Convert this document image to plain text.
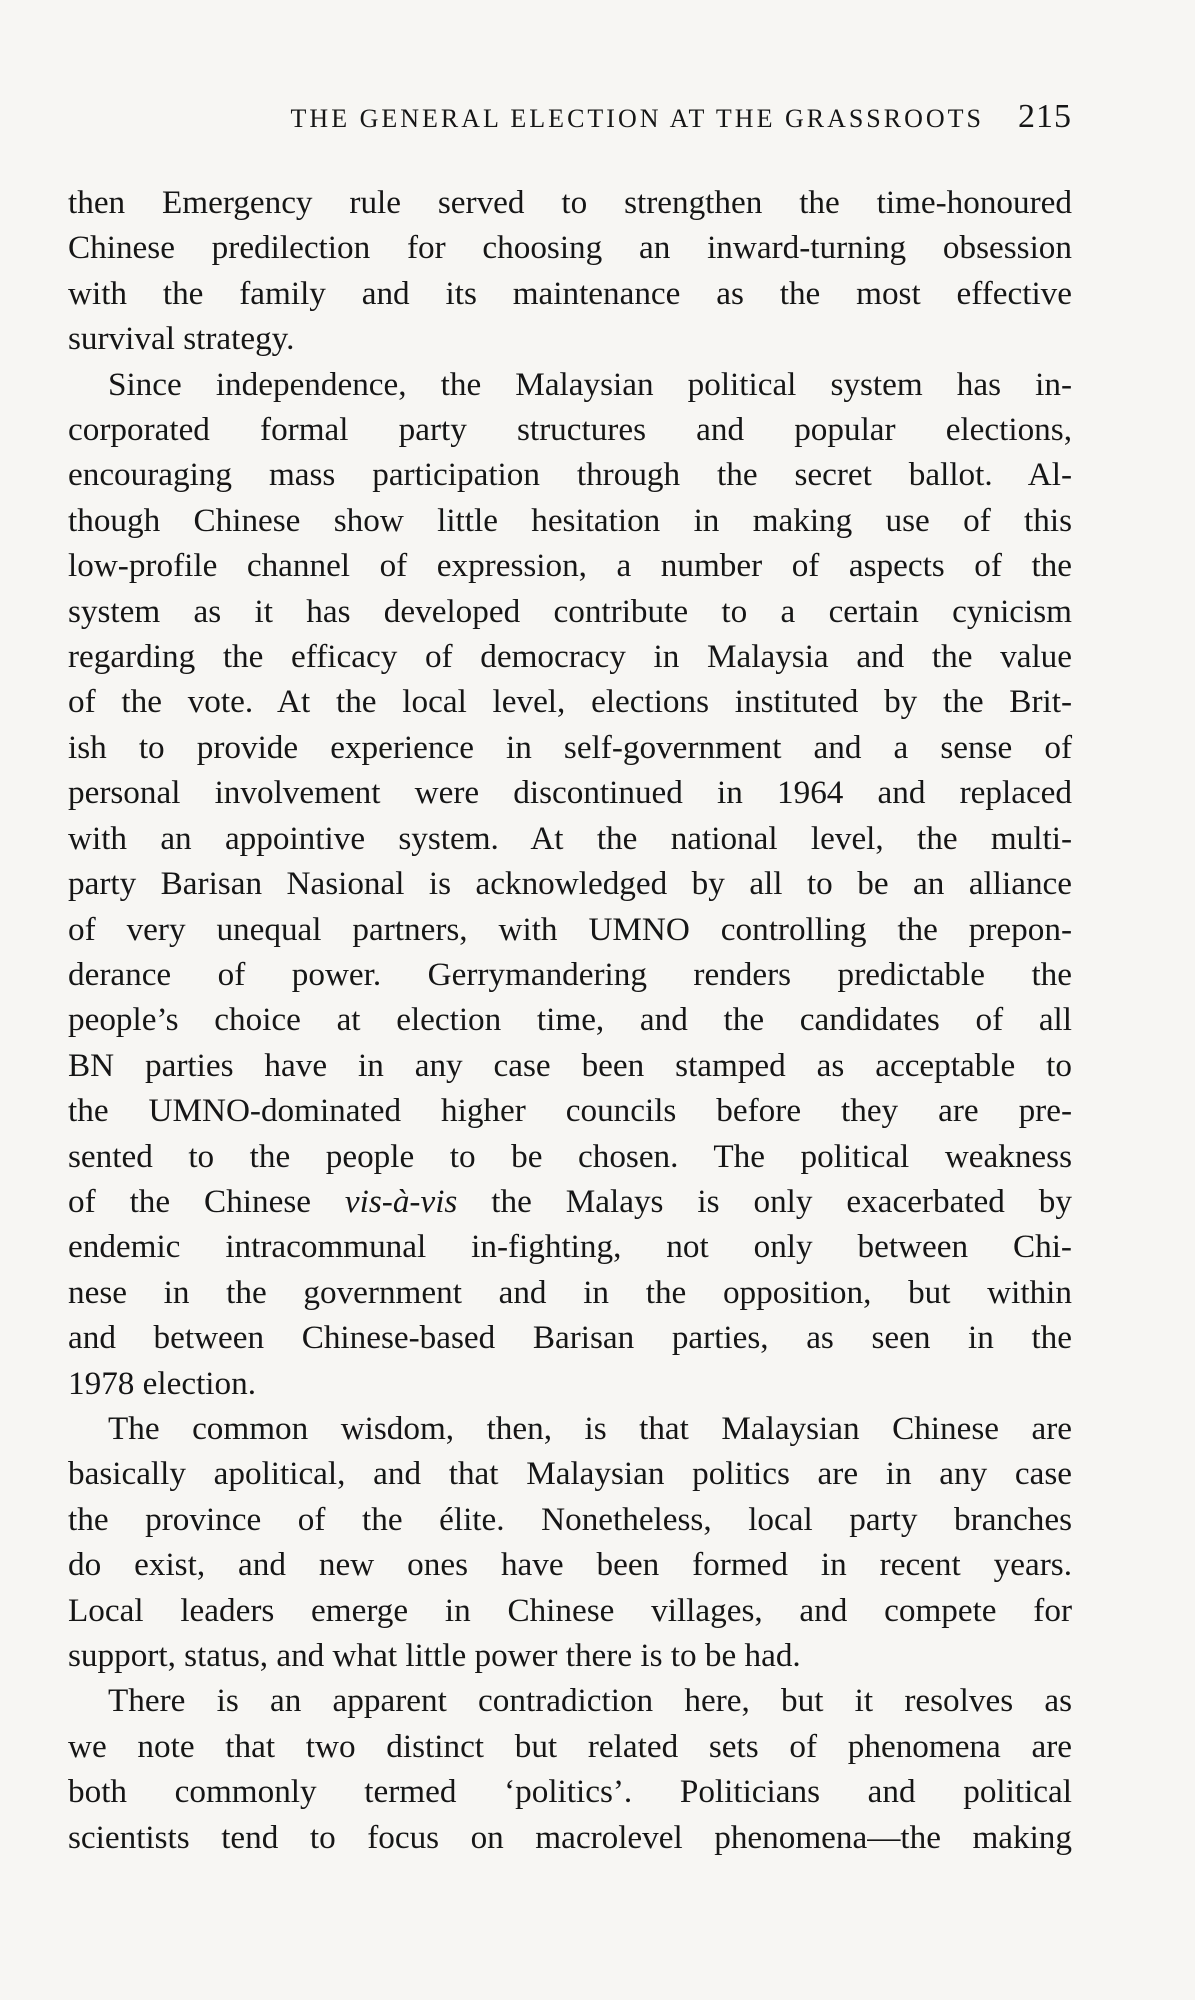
THE GENERAL ELECTION AT THE GRASSROOTS 215
then Emergency rule served to strengthen the time-honoured
Chinese predilection for choosing an inward-turning obsession
with the family and its maintenance as the most effective
survival strategy.
Since independence, the Malaysian political system has in-
corporated formal party structures and popular elections,
encouraging mass participation through the secret ballot. Al-
though Chinese show little hesitation in making use of this
low-profile channel of expression, a number of aspects of the
system as it has developed contribute to a certain cynicism
regarding the efficacy of democracy in Malaysia and the value
of the vote. At the local level, elections instituted by the Brit-
ish to provide experience in self-government and a sense of
personal involvement were discontinued in 1964 and replaced
with an appointive system. At the national level, the multi-
party Barisan Nasional is acknowledged by all to be an alliance
of very unequal partners, with UMNO controlling the prepon-
derance of power. Gerrymandering renders predictable the
people’s choice at election time, and the candidates of all
BN parties have in any case been stamped as acceptable to
the UMNO-dominated higher councils before they are pre-
sented to the people to be chosen. The political weakness
of the Chinese vis-à-vis the Malays is only exacerbated by
endemic intracommunal in-fighting, not only between Chi-
nese in the government and in the opposition, but within
and between Chinese-based Barisan parties, as seen in the
1978 election.
The common wisdom, then, is that Malaysian Chinese are
basically apolitical, and that Malaysian politics are in any case
the province of the élite. Nonetheless, local party branches
do exist, and new ones have been formed in recent years.
Local leaders emerge in Chinese villages, and compete for
support, status, and what little power there is to be had.
There is an apparent contradiction here, but it resolves as
we note that two distinct but related sets of phenomena are
both commonly termed ‘politics’. Politicians and political
scientists tend to focus on macrolevel phenomena—the making
